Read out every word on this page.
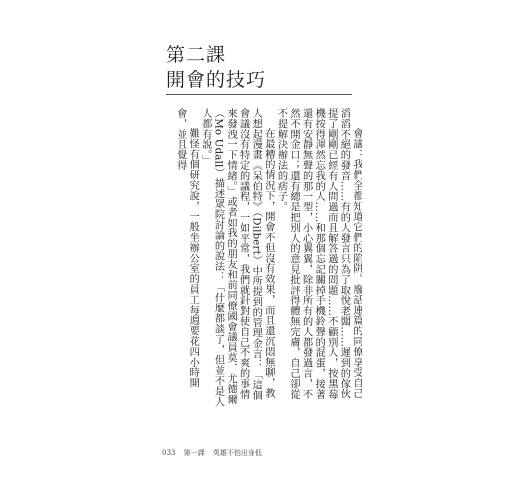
第二課
開會的技巧

會議：我們全都知道它們的陷阱。廢話連篇的同僚享受自己滔滔不絕的發音……有的人發言只為了取悅老闆……遲到的傢伙提了剛剛已經有人問過而且解答過的問題……不顧別人，按黑莓機按得渾然忘我的人……和那個忘記關掉手機鈴聲的混蛋，接著還有安靜無聲的那一型，小心翼翼，除非所有的人都發過言，不然不開金口；還有總是把別人的意見批評得體無完膚，自己卻從不提解決辦法的痞子。

在最糟的情況下，開會不但沒有效果，而且還沉悶無聊，教人想起漫畫《呆伯特》（Dilbert）中所提到的管理金言：「這個會議沒有特定的議程，一如平常，我們就針對使自己不爽的事情來發洩一下情緒。」或者如我的朋友和前同僚國會議員莫．尤德爾（Mo Udall）描述眾院討論的說法：「什麼都談了，但並不是人人都有說。」

難怪有個研究說，一般坐辦公室的員工每週要花四小時開會，並且覺得

033 第一課 英雄不怕出身低
